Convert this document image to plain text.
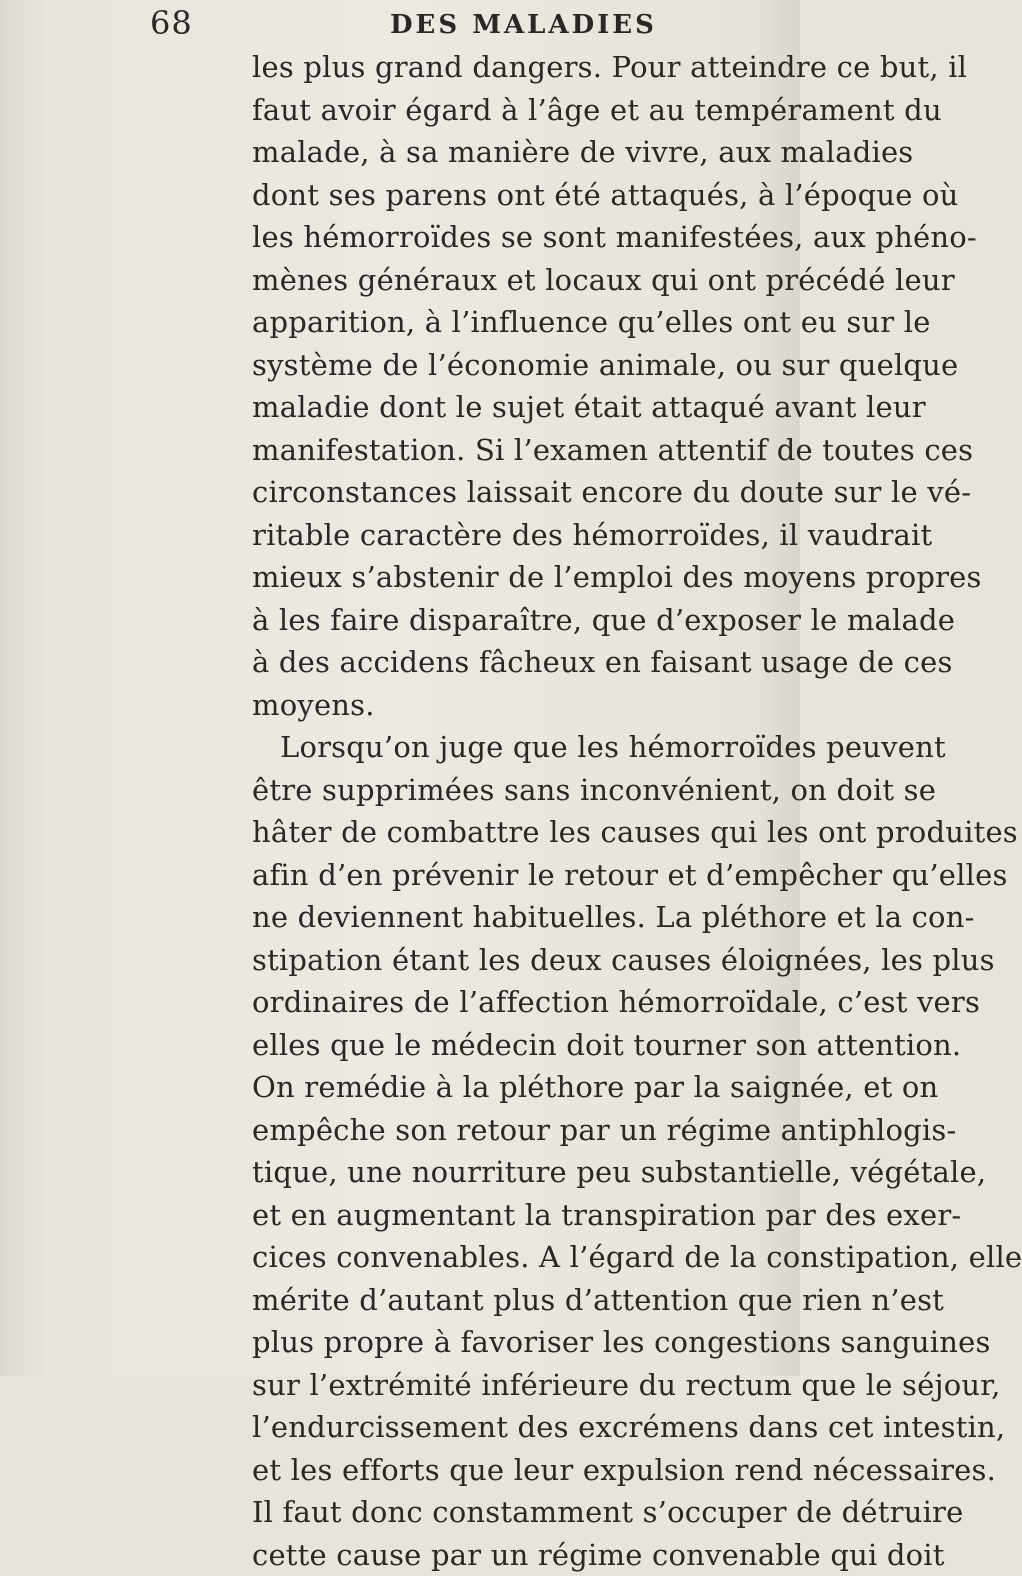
68	DES MALADIES
les plus grand dangers. Pour atteindre ce but, il
faut avoir égard à l’âge et au tempérament du
malade, à sa manière de vivre, aux maladies
dont ses parens ont été attaqués, à l’époque où
les hémorroïdes se sont manifestées, aux phéno-
mènes généraux et locaux qui ont précédé leur
apparition, à l’influence qu’elles ont eu sur le
système de l’économie animale, ou sur quelque
maladie dont le sujet était attaqué avant leur
manifestation. Si l’examen attentif de toutes ces
circonstances laissait encore du doute sur le vé-
ritable caractère des hémorroïdes, il vaudrait
mieux s’abstenir de l’emploi des moyens propres
à les faire disparaître, que d’exposer le malade
à des accidens fâcheux en faisant usage de ces
moyens.
Lorsqu’on juge que les hémorroïdes peuvent
être supprimées sans inconvénient, on doit se
hâter de combattre les causes qui les ont produites
afin d’en prévenir le retour et d’empêcher qu’elles
ne deviennent habituelles. La pléthore et la con-
stipation étant les deux causes éloignées, les plus
ordinaires de l’affection hémorroïdale, c’est vers
elles que le médecin doit tourner son attention.
On remédie à la pléthore par la saignée, et on
empêche son retour par un régime antiphlogis-
tique, une nourriture peu substantielle, végétale,
et en augmentant la transpiration par des exer-
cices convenables. A l’égard de la constipation, elle
mérite d’autant plus d’attention que rien n’est
plus propre à favoriser les congestions sanguines
sur l’extrémité inférieure du rectum que le séjour,
l’endurcissement des excrémens dans cet intestin,
et les efforts que leur expulsion rend nécessaires.
Il faut donc constamment s’occuper de détruire
cette cause par un régime convenable qui doit
